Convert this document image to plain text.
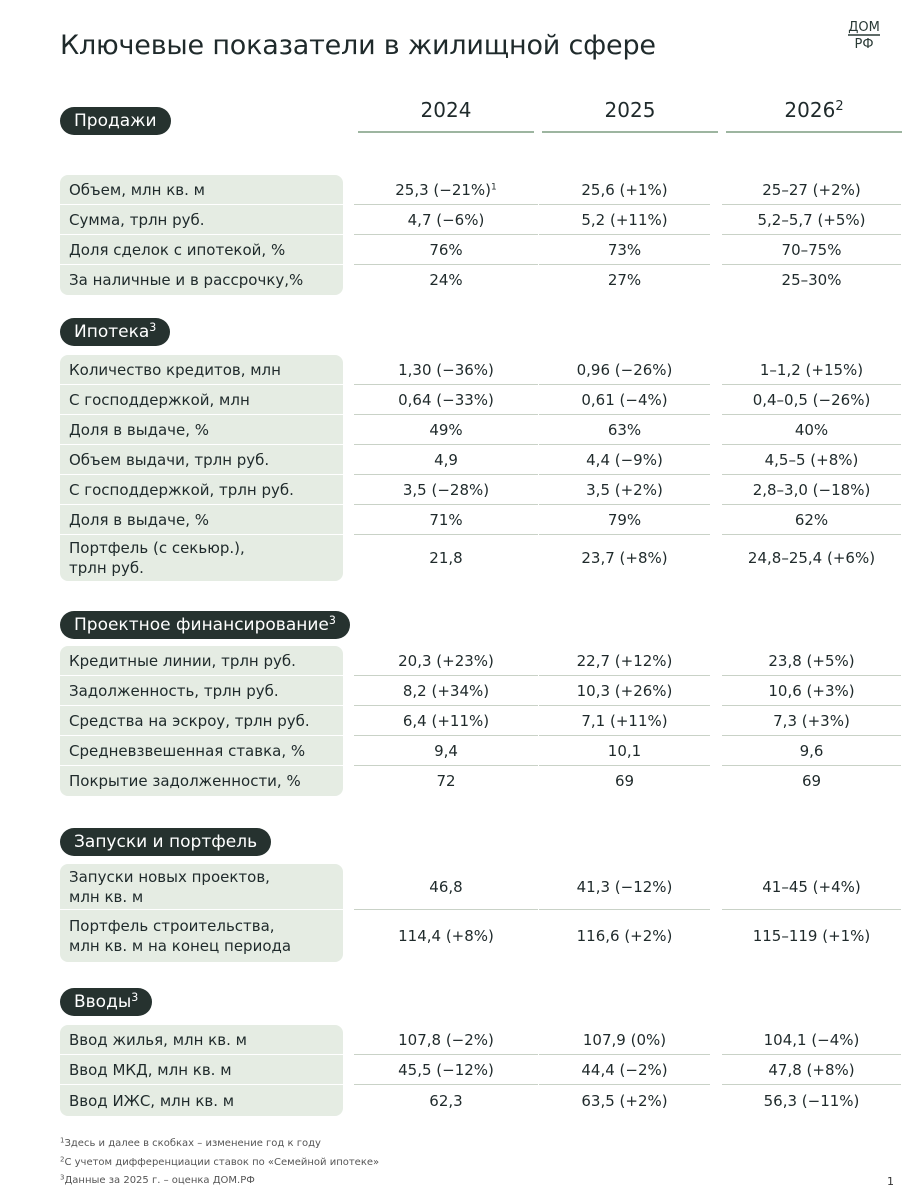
Ключевые показатели в жилищной сфере
ДОМ
РФ
2024	2025	2026$^2$
Продажи
Объем, млн кв. м	25,3 $(-21\%)^1$	25,6 (+1%)	25–27 (+2%)
Сумма, трлн руб.	4,7 (−6%)	5,2 (+11%)	5,2–5,7 (+5%)
Доля сделок с ипотекой, %	76%	73%	70–75%
За наличные и в рассрочку,%	24%	27%	25–30%
Ипотека$^3$
Количество кредитов, млн	1,30 (−36%)	0,96 (−26%)	1–1,2 (+15%)
С господдержкой, млн	0,64 (−33%)	0,61 (−4%)	0,4–0,5 (−26%)
Доля в выдаче, %	49%	63%	40%
Объем выдачи, трлн руб.	4,9	4,4 (−9%)	4,5–5 (+8%)
С господдержкой, трлн руб.	3,5 (−28%)	3,5 (+2%)	2,8–3,0 (−18%)
Доля в выдаче, %	71%	79%	62%
Портфель (с секьюр.),
трлн руб.
21,8	23,7 (+8%)	24,8–25,4 (+6%)
Проектное финансирование$^3$
Кредитные линии, трлн руб.	20,3 (+23%)	22,7 (+12%)	23,8 (+5%)
Задолженность, трлн руб.	8,2 (+34%)	10,3 (+26%)	10,6 (+3%)
Средства на эскроу, трлн руб.	6,4 (+11%)	7,1 (+11%)	7,3 (+3%)
Средневзвешенная ставка, %	9,4	10,1	9,6
Покрытие задолженности, %	72	69	69
Запуски и портфель
Запуски новых проектов,
млн кв. м
46,8	41,3 (−12%)	41–45 (+4%)
Портфель строительства,
млн кв. м на конец периода
114,4 (+8%)	116,6 (+2%)	115–119 (+1%)
Вводы$^3$
Ввод жилья, млн кв. м	107,8 (−2%)	107,9 (0%)	104,1 (−4%)
Ввод МКД, млн кв. м	45,5 (−12%)	44,4 (−2%)	47,8 (+8%)
Ввод ИЖС, млн кв. м	62,3	63,5 (+2%)	56,3 (−11%)
$^1$Здесь и далее в скобках – изменение год к году
$^2$С учетом дифференциации ставок по «Семейной ипотеке»
$^3$Данные за 2025 г. – оценка ДОМ.РФ	1
